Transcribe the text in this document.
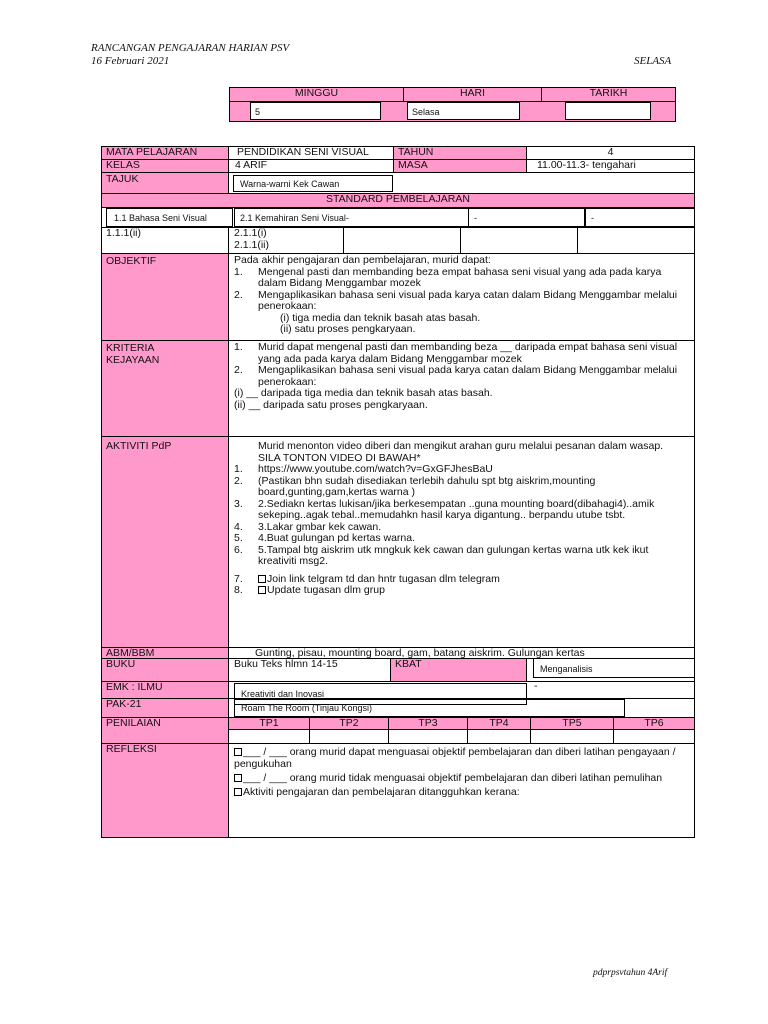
RANCANGAN PENGAJARAN HARIAN PSV
16 Februari 2021	SELASA
MINGGU	HARI	TARIKH
5	Selasa
MATA PELAJARAN	PENDIDIKAN SENI VISUAL	TAHUN	4
KELAS	4 ARIF	MASA	11.00-11.3- tengahari
TAJUK	Warna-warni Kek Cawan
STANDARD PEMBELAJARAN
1.1 Bahasa Seni Visual	2.1 Kemahiran Seni Visual-	-	-
1.1.1(ii)	2.1.1(i)
2.1.1(ii)
OBJEKTIF	Pada akhir pengajaran dan pembelajaran, murid dapat:
1. Mengenal pasti dan membanding beza empat bahasa seni visual yang ada pada karya dalam Bidang Menggambar mozek
2. Mengaplikasikan bahasa seni visual pada karya catan dalam Bidang Menggambar melalui penerokaan:
(i) tiga media dan teknik basah atas basah.
(ii) satu proses pengkaryaan.
KRITERIA
KEJAYAAN
1. Murid dapat mengenal pasti dan membanding beza __ daripada empat bahasa seni visual yang ada pada karya dalam Bidang Menggambar mozek
2. Mengaplikasikan bahasa seni visual pada karya catan dalam Bidang Menggambar melalui penerokaan:
(i) __ daripada tiga media dan teknik basah atas basah.
(ii) __ daripada satu proses pengkaryaan.
AKTIVITI PdP	Murid menonton video diberi dan mengikut arahan guru melalui pesanan dalam wasap.
SILA TONTON VIDEO DI BAWAH*
1. https://www.youtube.com/watch?v=GxGFJhesBaU
2. (Pastikan bhn sudah disediakan terlebih dahulu spt btg aiskrim,mounting board,gunting,gam,kertas warna )
3. 2.Sediakn kertas lukisan/jika berkesempatan ..guna mounting board(dibahagi4)..amik sekeping..agak tebal..memudahkn hasil karya digantung.. berpandu utube tsbt.
4. 3.Lakar gmbar kek cawan.
5. 4.Buat gulungan pd kertas warna.
6. 5.Tampal btg aiskrim utk mngkuk kek cawan dan gulungan kertas warna utk kek ikut kreativiti msg2.
7. Join link telgram td dan hntr tugasan dlm telegram
8. Update tugasan dlm grup
ABM/BBM	Gunting, pisau, mounting board, gam, batang aiskrim. Gulungan kertas
BUKU	Buku Teks hlmn 14-15	KBAT	Menganalisis
EMK : ILMU
Kreativiti dan Inovasi
-
PAK-21	Roam The Room (Tinjau Kongsi)
PENILAIAN	TP1	TP2	TP3	TP4	TP5	TP6
REFLEKSI	___ / ___ orang murid dapat menguasai objektif pembelajaran dan diberi latihan pengayaan / pengukuhan
___ / ___ orang murid tidak menguasai objektif pembelajaran dan diberi latihan pemulihan
Aktiviti pengajaran dan pembelajaran ditangguhkan kerana:
pdprpsvtahun 4Arif
